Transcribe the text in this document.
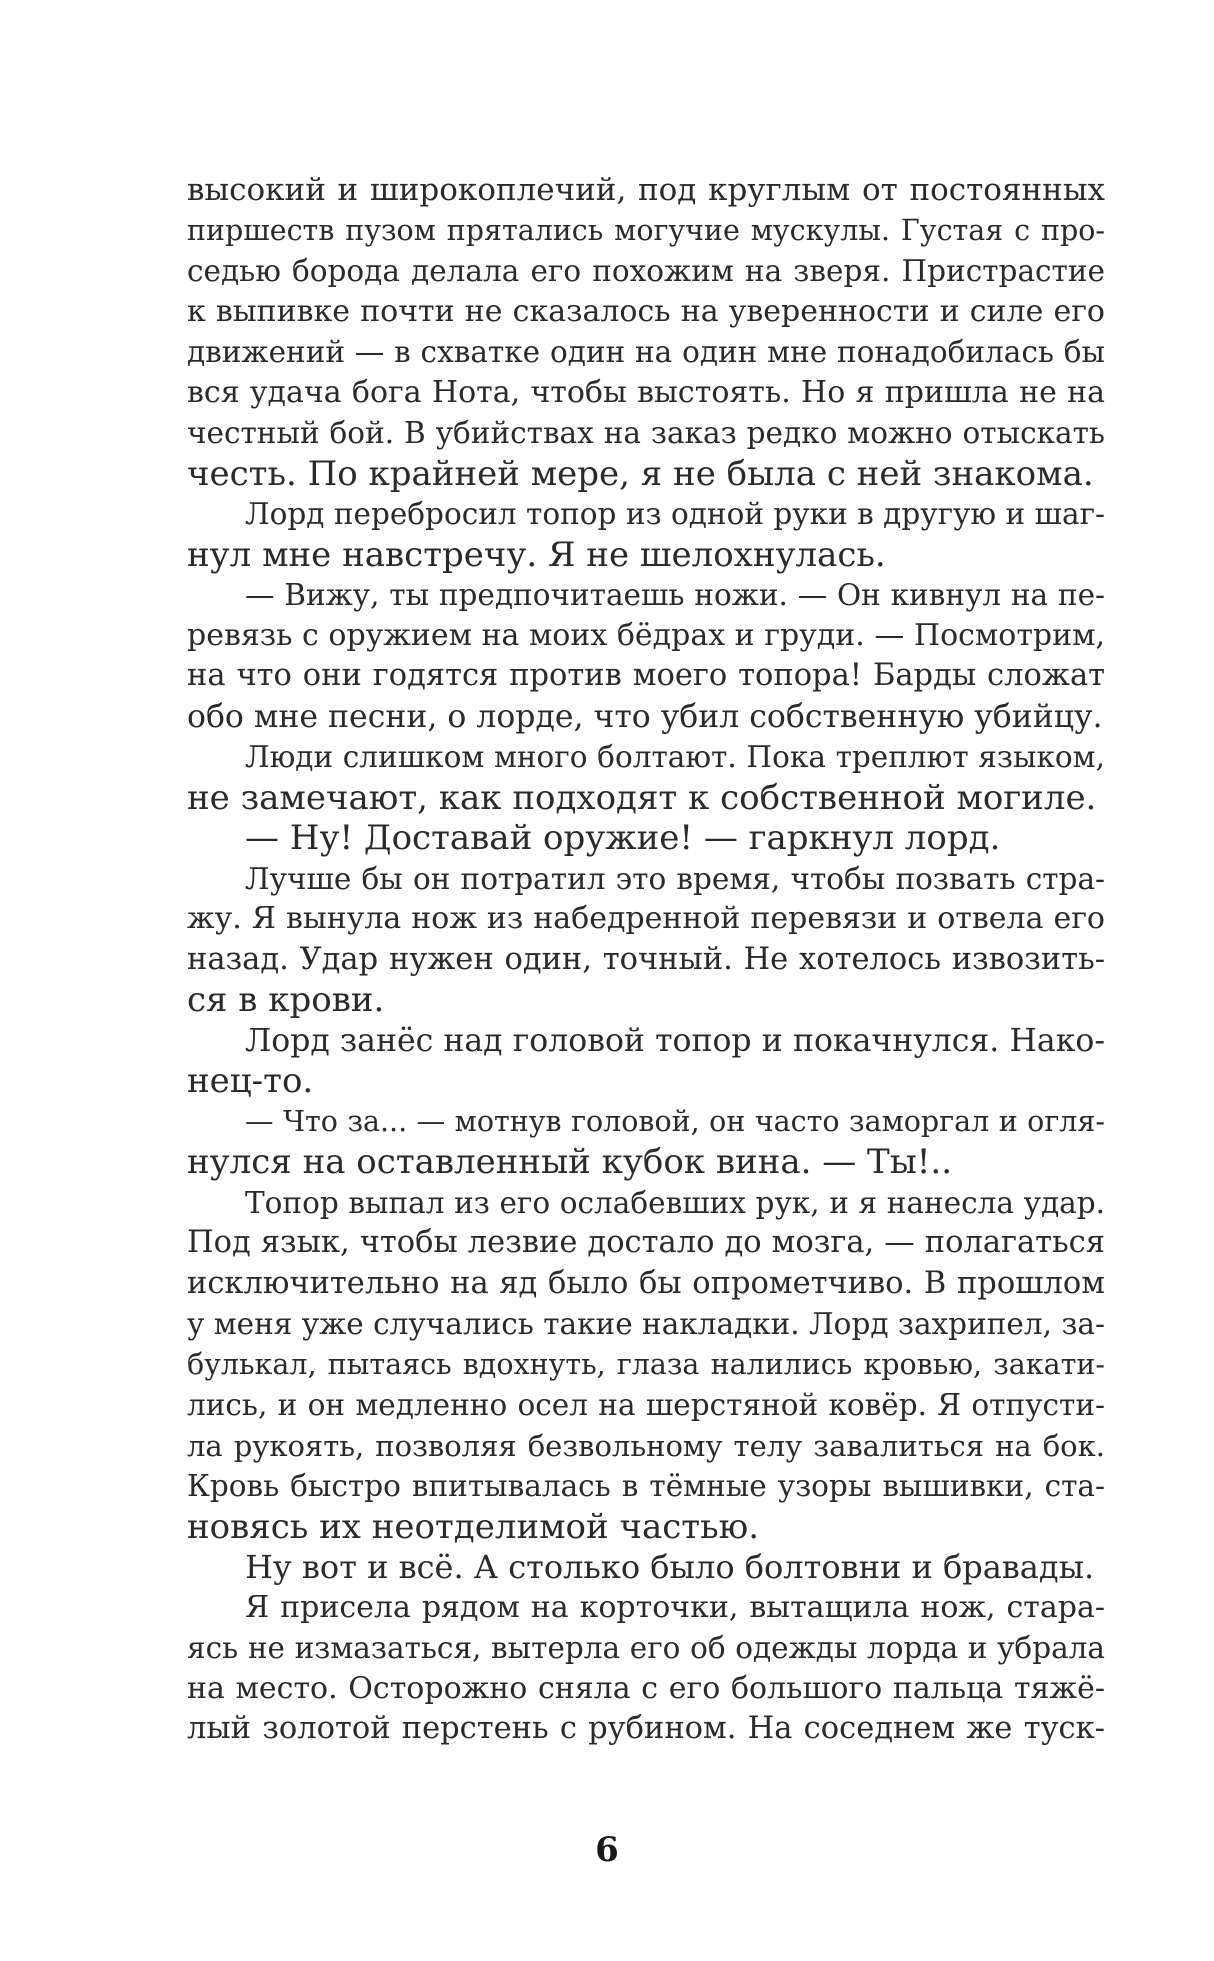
высокий и широкоплечий, под круглым от постоянных
пиршеств пузом прятались могучие мускулы. Густая с про-
седью борода делала его похожим на зверя. Пристрастие
к выпивке почти не сказалось на уверенности и силе его
движений — в схватке один на один мне понадобилась бы
вся удача бога Нота, чтобы выстоять. Но я пришла не на
честный бой. В убийствах на заказ редко можно отыскать
честь. По крайней мере, я не была с ней знакома.
Лорд перебросил топор из одной руки в другую и шаг-
нул мне навстречу. Я не шелохнулась.
— Вижу, ты предпочитаешь ножи. — Он кивнул на пе-
ревязь с оружием на моих бёдрах и груди. — Посмотрим,
на что они годятся против моего топора! Барды сложат
обо мне песни, о лорде, что убил собственную убийцу.
Люди слишком много болтают. Пока треплют языком,
не замечают, как подходят к собственной могиле.
— Ну! Доставай оружие! — гаркнул лорд.
Лучше бы он потратил это время, чтобы позвать стра-
жу. Я вынула нож из набедренной перевязи и отвела его
назад. Удар нужен один, точный. Не хотелось извозить-
ся в крови.
Лорд занёс над головой топор и покачнулся. Нако-
нец-то.
— Что за... — мотнув головой, он часто заморгал и огля-
нулся на оставленный кубок вина. — Ты!..
Топор выпал из его ослабевших рук, и я нанесла удар.
Под язык, чтобы лезвие достало до мозга, — полагаться
исключительно на яд было бы опрометчиво. В прошлом
у меня уже случались такие накладки. Лорд захрипел, за-
булькал, пытаясь вдохнуть, глаза налились кровью, закати-
лись, и он медленно осел на шерстяной ковёр. Я отпусти-
ла рукоять, позволяя безвольному телу завалиться на бок.
Кровь быстро впитывалась в тёмные узоры вышивки, ста-
новясь их неотделимой частью.
Ну вот и всё. А столько было болтовни и бравады.
Я присела рядом на корточки, вытащила нож, стара-
ясь не измазаться, вытерла его об одежды лорда и убрала
на место. Осторожно сняла с его большого пальца тяжё-
лый золотой перстень с рубином. На соседнем же туск-
6
